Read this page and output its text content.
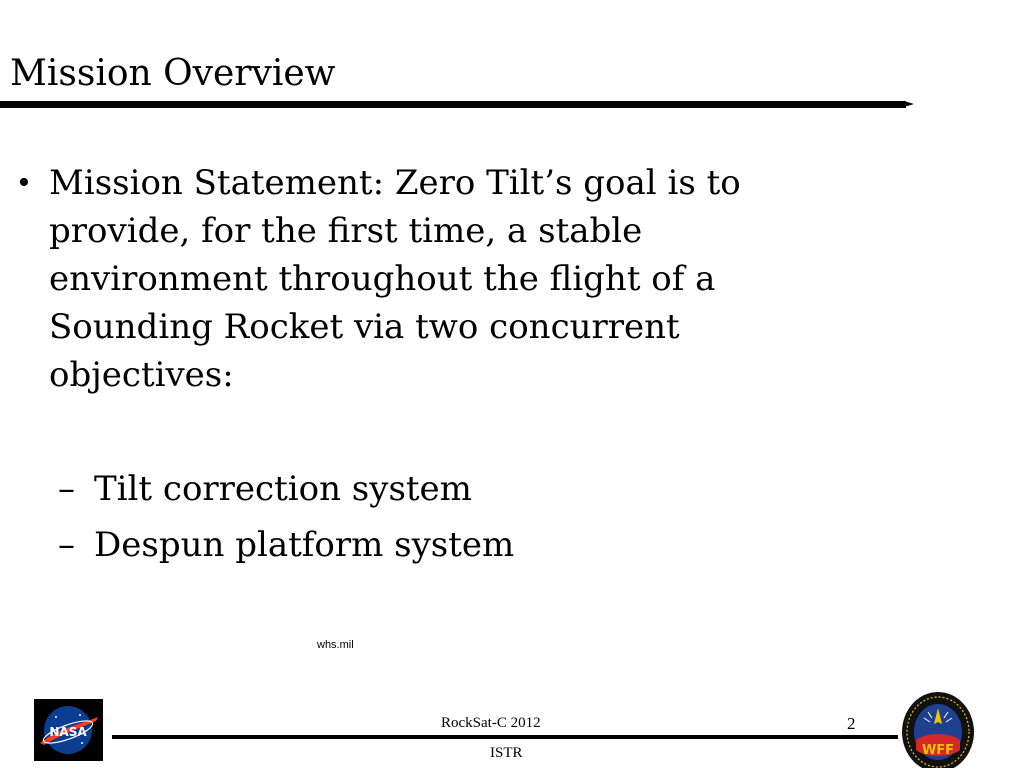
Mission Overview
• Mission Statement: Zero Tilt’s goal is to provide, for the first time, a stable environment throughout the flight of a Sounding Rocket via two concurrent objectives:
– Tilt correction system
– Despun platform system
whs.mil
NASA
RockSat-C 2012
ISTR
2
WFF
